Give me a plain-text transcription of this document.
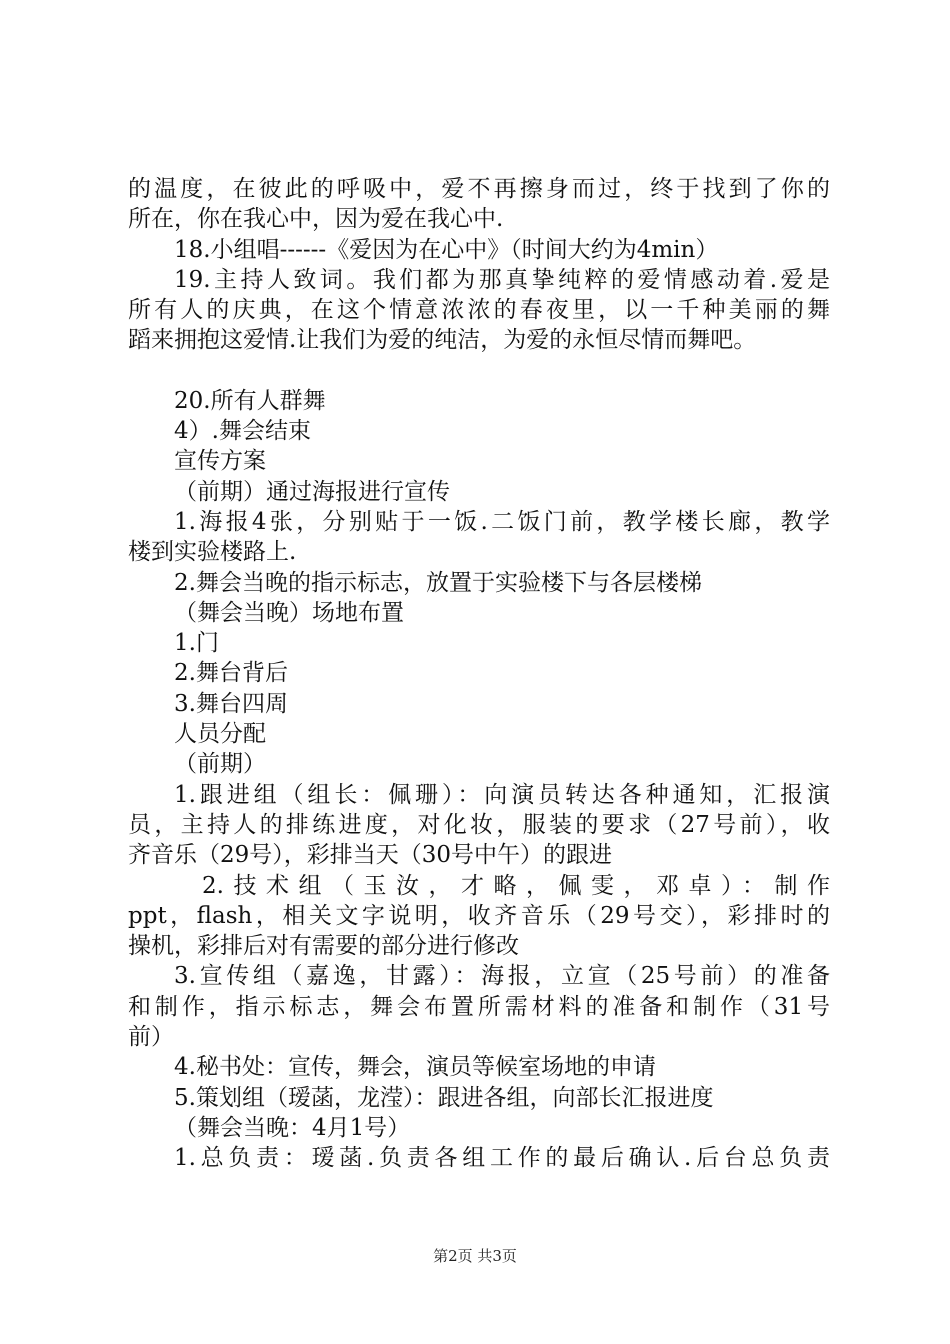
的温度，在彼此的呼吸中，爱不再擦身而过，终于找到了你的
所在，你在我心中，因为爱在我心中.
18.小组唱------《爱因为在心中》（时间大约为4min）
19.主持人致词。我们都为那真挚纯粹的爱情感动着.爱是
所有人的庆典，在这个情意浓浓的春夜里，以一千种美丽的舞
蹈来拥抱这爱情.让我们为爱的纯洁，为爱的永恒尽情而舞吧。
20.所有人群舞
4）.舞会结束
宣传方案
（前期）通过海报进行宣传
1.海报4张，分别贴于一饭.二饭门前，教学楼长廊，教学
楼到实验楼路上.
2.舞会当晚的指示标志，放置于实验楼下与各层楼梯
（舞会当晚）场地布置
1.门
2.舞台背后
3.舞台四周
人员分配
（前期）
1.跟进组（组长：佩珊）：向演员转达各种通知，汇报演
员，主持人的排练进度，对化妆，服装的要求（27号前），收
齐音乐（29号），彩排当天（30号中午）的跟进
2.技术组（玉汝，才略，佩雯，邓卓）：制作
ppt，flash，相关文字说明，收齐音乐（29号交），彩排时的
操机，彩排后对有需要的部分进行修改
3.宣传组（嘉逸，甘露）：海报，立宣（25号前）的准备
和制作，指示标志，舞会布置所需材料的准备和制作（31号
前）
4.秘书处：宣传，舞会，演员等候室场地的申请
5.策划组（瑷菡，龙滢）：跟进各组，向部长汇报进度
（舞会当晚：4月1号）
1.总负责：瑷菡.负责各组工作的最后确认.后台总负责
第2页 共3页
